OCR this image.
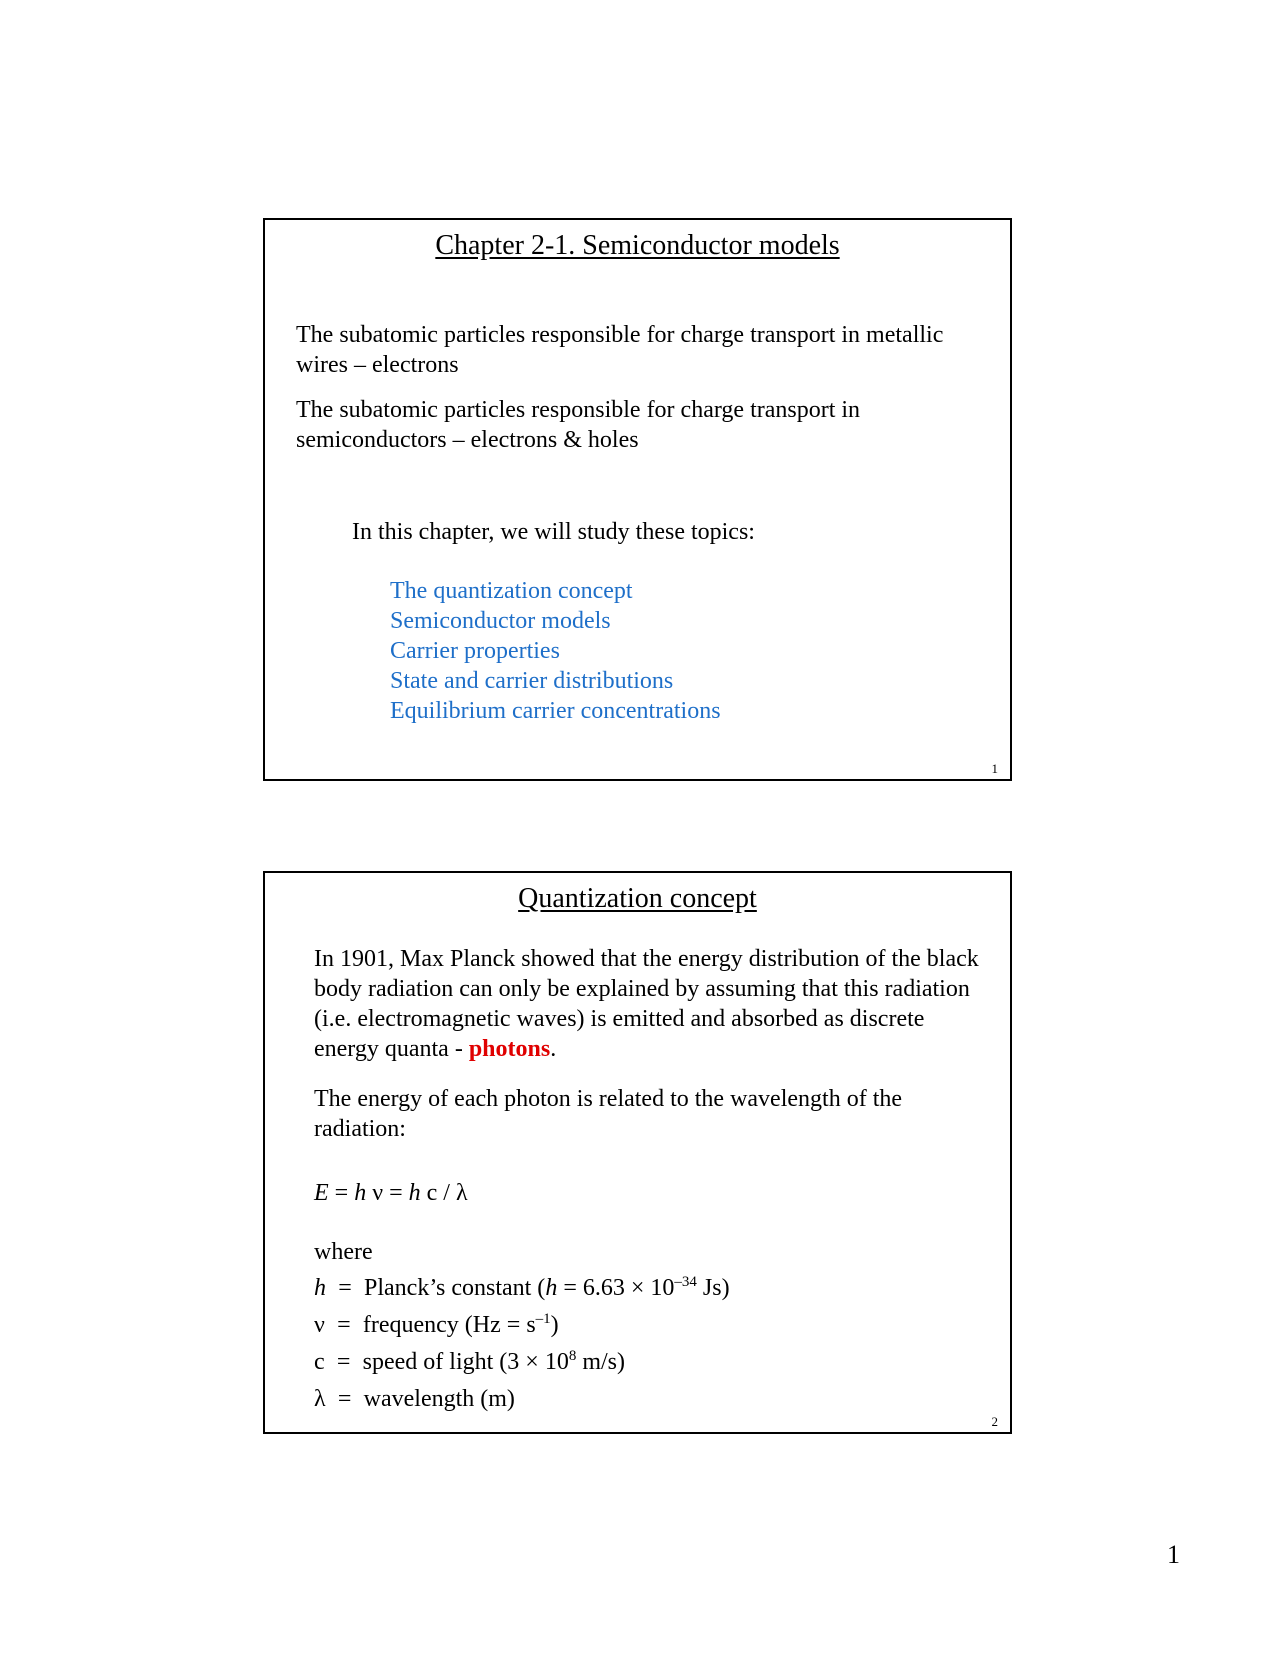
Chapter 2-1. Semiconductor models
The subatomic particles responsible for charge transport in metallic wires – electrons
The subatomic particles responsible for charge transport in semiconductors – electrons & holes
In this chapter, we will study these topics:
The quantization concept
Semiconductor models
Carrier properties
State and carrier distributions
Equilibrium carrier concentrations
1
Quantization concept
In 1901, Max Planck showed that the energy distribution of the black body radiation can only be explained by assuming that this radiation (i.e. electromagnetic waves) is emitted and absorbed as discrete energy quanta - photons.
The energy of each photon is related to the wavelength of the radiation:
E = h ν = h c / λ
where
h = Planck’s constant ($h = 6.63 \times 10^{-34}$ Js)
ν = frequency $(Hz = s^{-1})$
c = speed of light ($3 \times 10^8$ m/s)
λ = wavelength (m)
2
1
